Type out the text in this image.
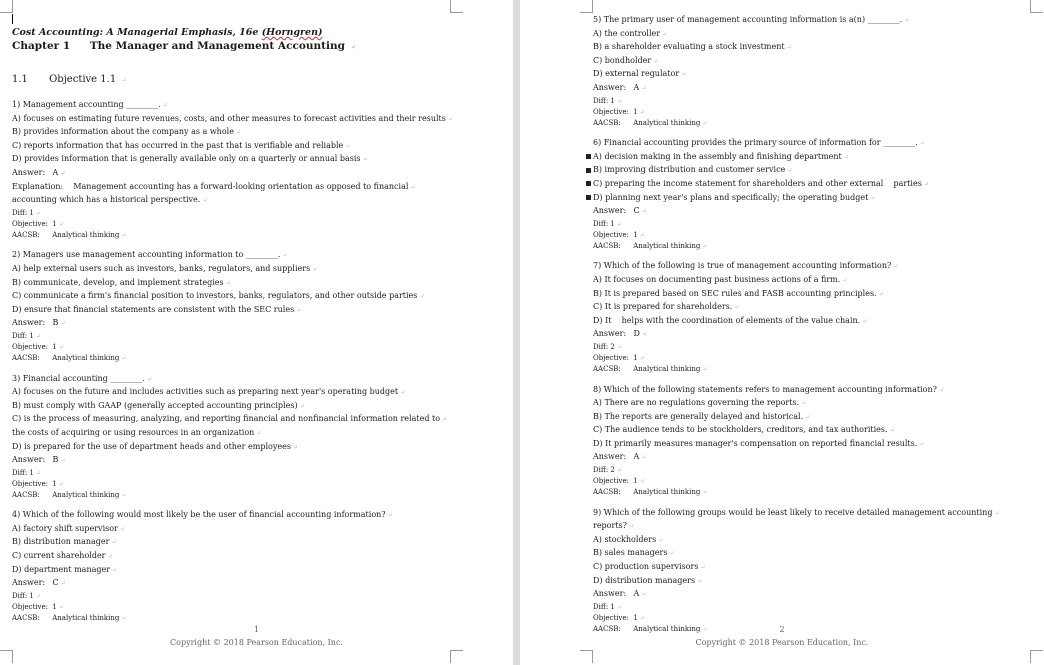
Cost Accounting: A Managerial Emphasis, 16e (Horngren)
Chapter 1 The Manager and Management Accounting ↵
1.1 Objective 1.1 ↵
1) Management accounting ________. ↵
A) focuses on estimating future revenues, costs, and other measures to forecast activities and their results ↵
B) provides information about the company as a whole ↵
C) reports information that has occurred in the past that is verifiable and reliable ↵
D) provides information that is generally available only on a quarterly or annual basis ↵
Answer: A ↵
Explanation: Management accounting has a forward-looking orientation as opposed to financial ↵
accounting which has a historical perspective. ↵
Diff: 1 ↵
Objective: 1 ↵
AACSB: Analytical thinking ↵
2) Managers use management accounting information to ________. ↵
A) help external users such as investors, banks, regulators, and suppliers ↵
B) communicate, develop, and implement strategies ↵
C) communicate a firm's financial position to investors, banks, regulators, and other outside parties ↵
D) ensure that financial statements are consistent with the SEC rules ↵
Answer: B ↵
Diff: 1 ↵
Objective: 1 ↵
AACSB: Analytical thinking ↵
3) Financial accounting ________. ↵
A) focuses on the future and includes activities such as preparing next year's operating budget ↵
B) must comply with GAAP (generally accepted accounting principles) ↵
C) is the process of measuring, analyzing, and reporting financial and nonfinancial information related to ↵
the costs of acquiring or using resources in an organization ↵
D) is prepared for the use of department heads and other employees ↵
Answer: B ↵
Diff: 1 ↵
Objective: 1 ↵
AACSB: Analytical thinking ↵
4) Which of the following would most likely be the user of financial accounting information? ↵
A) factory shift supervisor ↵
B) distribution manager ↵
C) current shareholder ↵
D) department manager ↵
Answer: C ↵
Diff: 1 ↵
Objective: 1 ↵
AACSB: Analytical thinking ↵
1
Copyright © 2018 Pearson Education, Inc.
5) The primary user of management accounting information is a(n) ________. ↵
A) the controller ↵
B) a shareholder evaluating a stock investment ↵
C) bondholder ↵
D) external regulator ↵
Answer: A ↵
Diff: 1 ↵
Objective: 1 ↵
AACSB: Analytical thinking ↵
6) Financial accounting provides the primary source of information for ________. ↵
A) decision making in the assembly and finishing department ↵
B) improving distribution and customer service ↵
C) preparing the income statement for shareholders and other external    parties ↵
D) planning next year's plans and specifically; the operating budget ↵
Answer: C ↵
Diff: 1 ↵
Objective: 1 ↵
AACSB: Analytical thinking ↵
7) Which of the following is true of management accounting information? ↵
A) It focuses on documenting past business actions of a firm. ↵
B) It is prepared based on SEC rules and FASB accounting principles. ↵
C) It is prepared for shareholders. ↵
D) It    helps with the coordination of elements of the value chain. ↵
Answer: D ↵
Diff: 2 ↵
Objective: 1 ↵
AACSB: Analytical thinking ↵
8) Which of the following statements refers to management accounting information? ↵
A) There are no regulations governing the reports. ↵
B) The reports are generally delayed and historical. ↵
C) The audience tends to be stockholders, creditors, and tax authorities. ↵
D) It primarily measures manager's compensation on reported financial results. ↵
Answer: A ↵
Diff: 2 ↵
Objective: 1 ↵
AACSB: Analytical thinking ↵
9) Which of the following groups would be least likely to receive detailed management accounting ↵
reports? ↵
A) stockholders ↵
B) sales managers ↵
C) production supervisors ↵
D) distribution managers ↵
Answer: A ↵
Diff: 1 ↵
Objective: 1 ↵
AACSB: Analytical thinking ↵	2
Copyright © 2018 Pearson Education, Inc.
